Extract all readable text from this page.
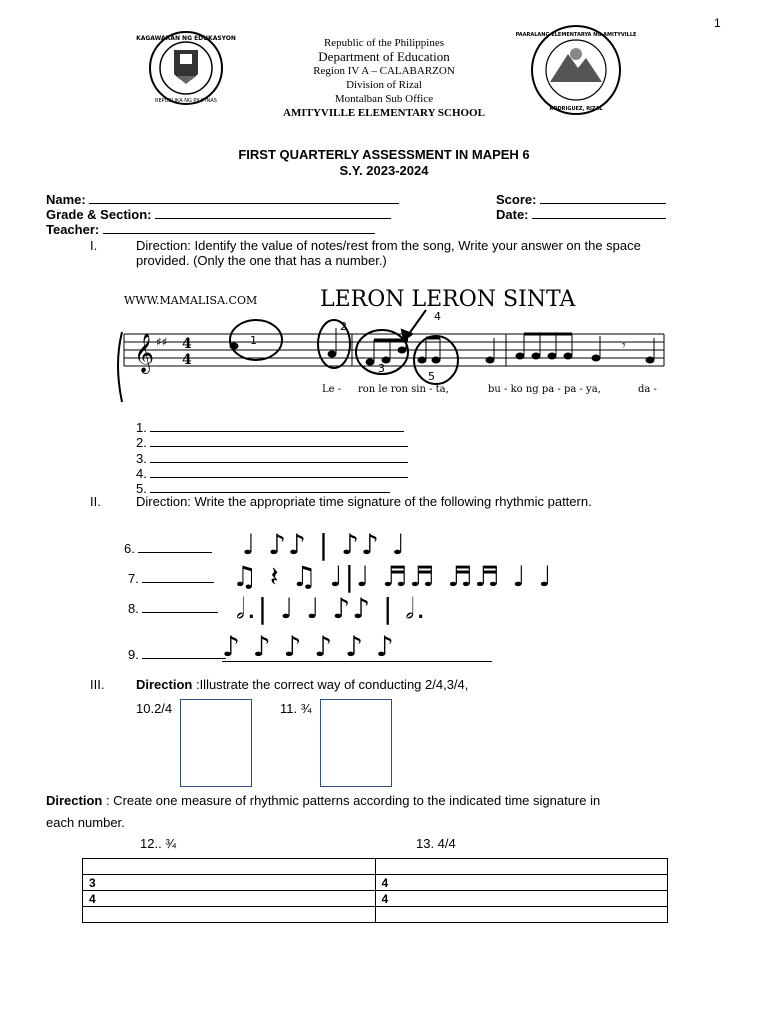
1
KAGAWARAN NG EDUKASYON
REPUBLIKA NG PILIPINAS
PAARALANG ELEMENTARYA NG AMITYVILLE
RODRIGUEZ, RIZAL
Republic of the Philippines
Department of Education
Region IV A – CALABARZON
Division of Rizal
Montalban Sub Office
AMITYVILLE ELEMENTARY SCHOOL
FIRST QUARTERLY ASSESSMENT IN MAPEH 6
S.Y. 2023-2024
Name:	Score:
Grade & Section:	Date:
Teacher:
I.	Direction: Identify the value of notes/rest from the song, Write your answer on the space
provided. (Only the one that has a number.)
WWW.MAMALISA.COM	LERON LERON SINTA
𝄞 ♯♯ 4
4
𝄾
1
2
3
4
5
Le - ron le ron sin - ta,	bu - ko ng pa - pa - ya,	da -
1.
2.
3.
4.
5.
II.	Direction: Write the appropriate time signature of the following rhythmic pattern.
6.	♩ ♪♪ | ♪♪ ♩
7.	♫ 𝄽 ♫ ♩|♩ ♬♬ ♬♬ ♩ ♩
8.	𝅗𝅥.| ♩ ♩ ♪♪ | 𝅗𝅥.
9.	♪ ♪ ♪ ♪ ♪ ♪
III. Direction :Illustrate the correct way of conducting 2/4,3/4,
10.2/4	11. ¾
Direction : Create one measure of rhythmic patterns according to the indicated time signature in
each number.
12.. ¾	13. 4/4

3	4
4	4
